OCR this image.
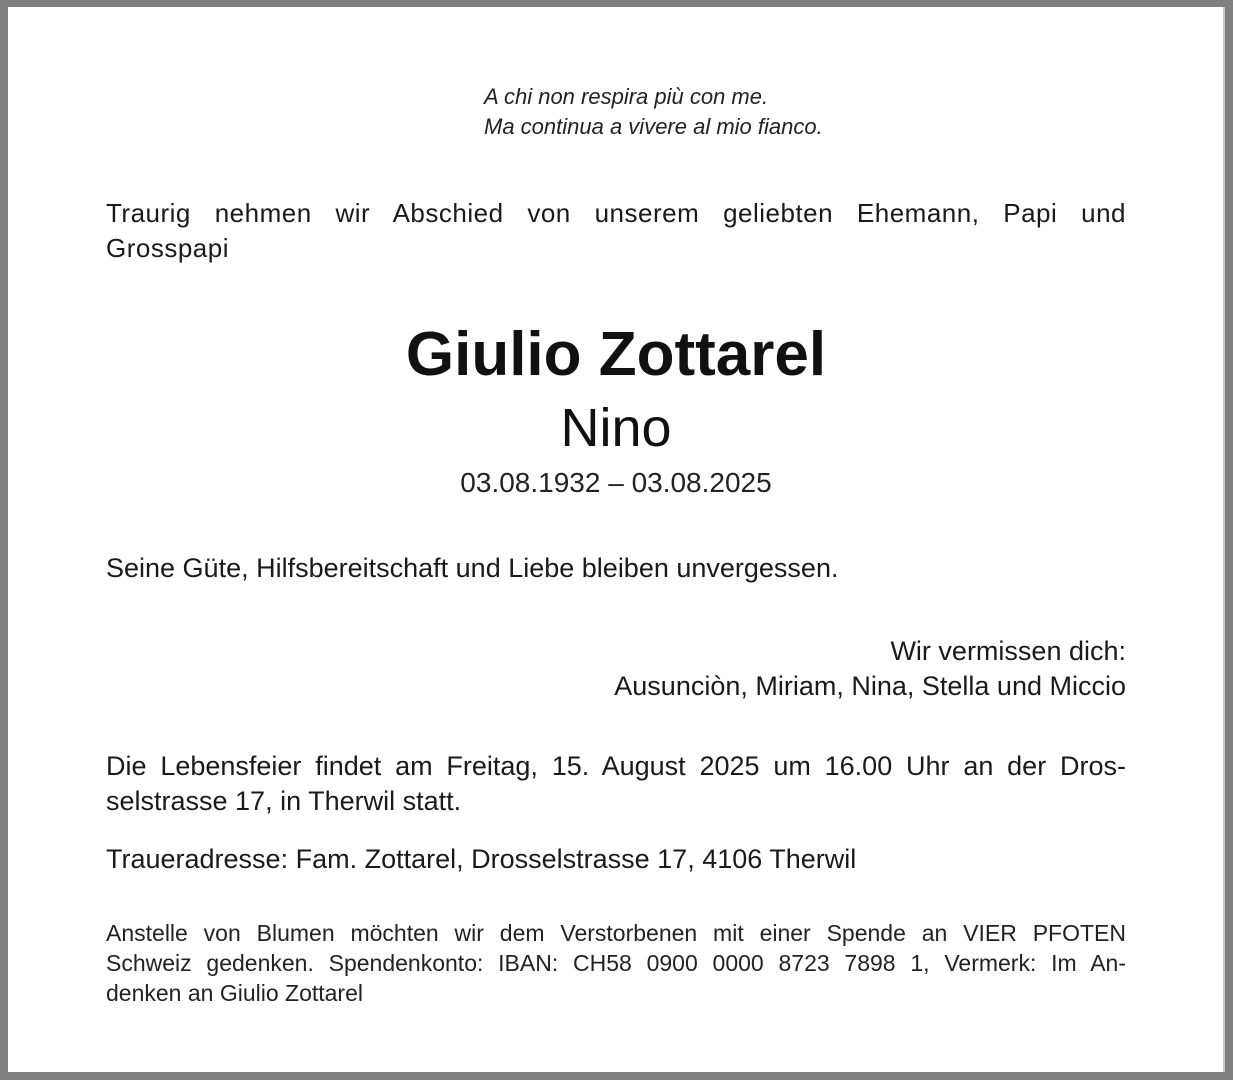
A chi non respira più con me.
Ma continua a vivere al mio fianco.
Traurig nehmen wir Abschied von unserem geliebten Ehemann, Papi und
Grosspapi
Giulio Zottarel
Nino
03.08.1932 – 03.08.2025
Seine Güte, Hilfsbereitschaft und Liebe bleiben unvergessen.
Wir vermissen dich:
Ausunciòn, Miriam, Nina, Stella und Miccio
Die Lebensfeier findet am Freitag, 15. August 2025 um 16.00 Uhr an der Dros-
selstrasse 17, in Therwil statt.
Traueradresse: Fam. Zottarel, Drosselstrasse 17, 4106 Therwil
Anstelle von Blumen möchten wir dem Verstorbenen mit einer Spende an VIER PFOTEN
Schweiz gedenken. Spendenkonto: IBAN: CH58 0900 0000 8723 7898 1, Vermerk: Im An-
denken an Giulio Zottarel
